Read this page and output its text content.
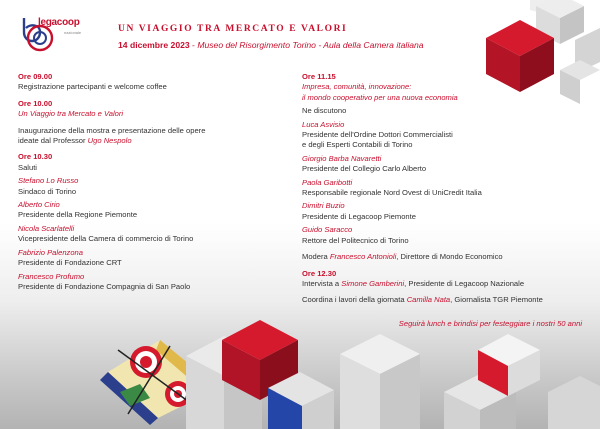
legacoop
nazionale	UN VIAGGIO TRA MERCATO E VALORI
14 dicembre 2023 - Museo del Risorgimento Torino - Aula della Camera italiana

Ore 09.00

Registrazione partecipanti e welcome coffee

Ore 10.00

Un Viaggio tra Mercato e Valori

Inaugurazione della mostra e presentazione delle opere

ideate dal Professor Ugo Nespolo

Ore 10.30

Saluti

Stefano Lo Russo

Sindaco di Torino

Alberto Cirio

Presidente della Regione Piemonte

Nicola Scarlatelli

Vicepresidente della Camera di commercio di Torino

Fabrizio Palenzona

Presidente di Fondazione CRT

Francesco Profumo

Presidente di Fondazione Compagnia di San Paolo

Ore 11.15

Impresa, comunità, innovazione:

il mondo cooperativo per una nuova economia

Ne discutono

Luca Asvisio

Presidente dell'Ordine Dottori Commercialisti

e degli Esperti Contabili di Torino

Giorgio Barba Navaretti

Presidente del Collegio Carlo Alberto

Paola Garibotti

Responsabile regionale Nord Ovest di UniCredit Italia

Dimitri Buzio

Presidente di Legacoop Piemonte

Guido Saracco

Rettore del Politecnico di Torino

Modera Francesco Antonioli, Direttore di Mondo Economico

Ore 12.30

Intervista a Simone Gamberini, Presidente di Legacoop Nazionale

Coordina i lavori della giornata Camilla Nata, Giornalista TGR Piemonte

Seguirà lunch e brindisi per festeggiare i nostri 50 anni
